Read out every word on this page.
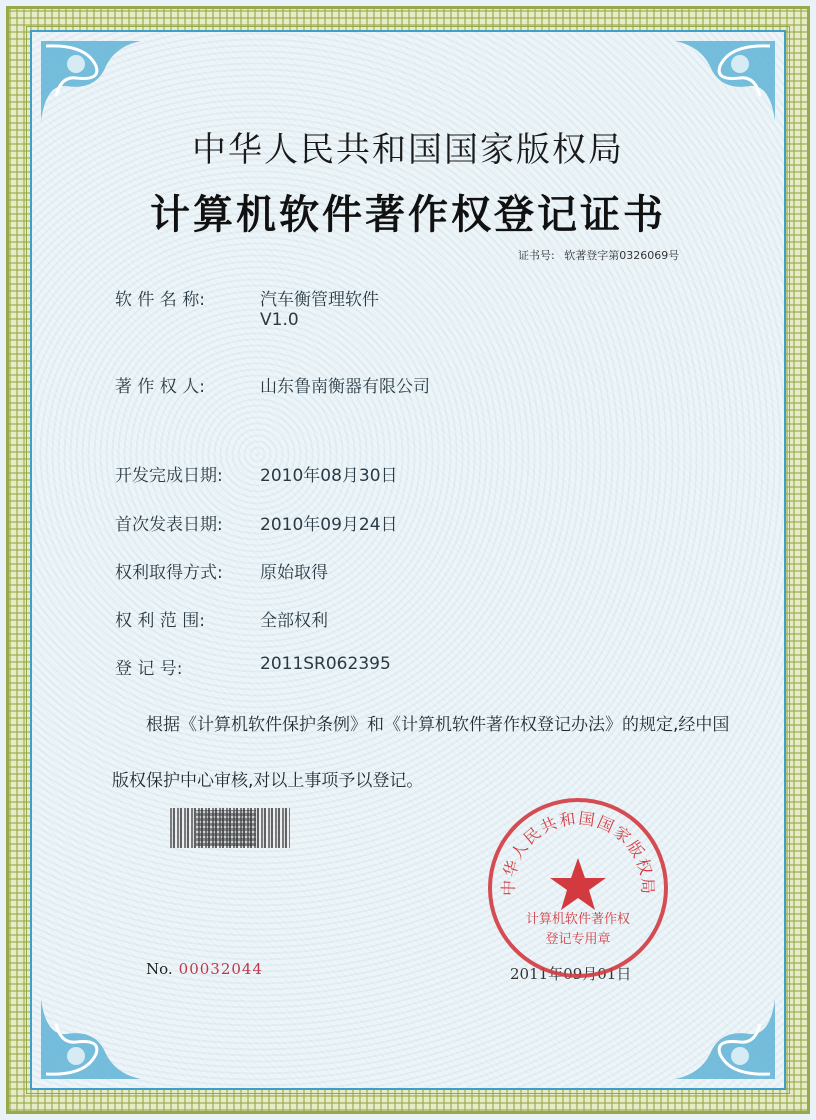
中华人民共和国国家版权局
计算机软件著作权登记证书
证书号: 软著登字第0326069号
软 件 名 称:	汽车衡管理软件
V1.0
著 作 权 人:	山东鲁南衡器有限公司
开发完成日期:	2010年08月30日
首次发表日期:	2010年09月24日
权利取得方式:	原始取得
权 利 范 围:	全部权利
登 记 号:	2011SR062395
根据《计算机软件保护条例》和《计算机软件著作权登记办法》的规定,经中国版权保护中心审核,对以上事项予以登记。
No. 00032044	2011年09月01日
中华人民共和国国家版权局
计算机软件著作权
登记专用章
